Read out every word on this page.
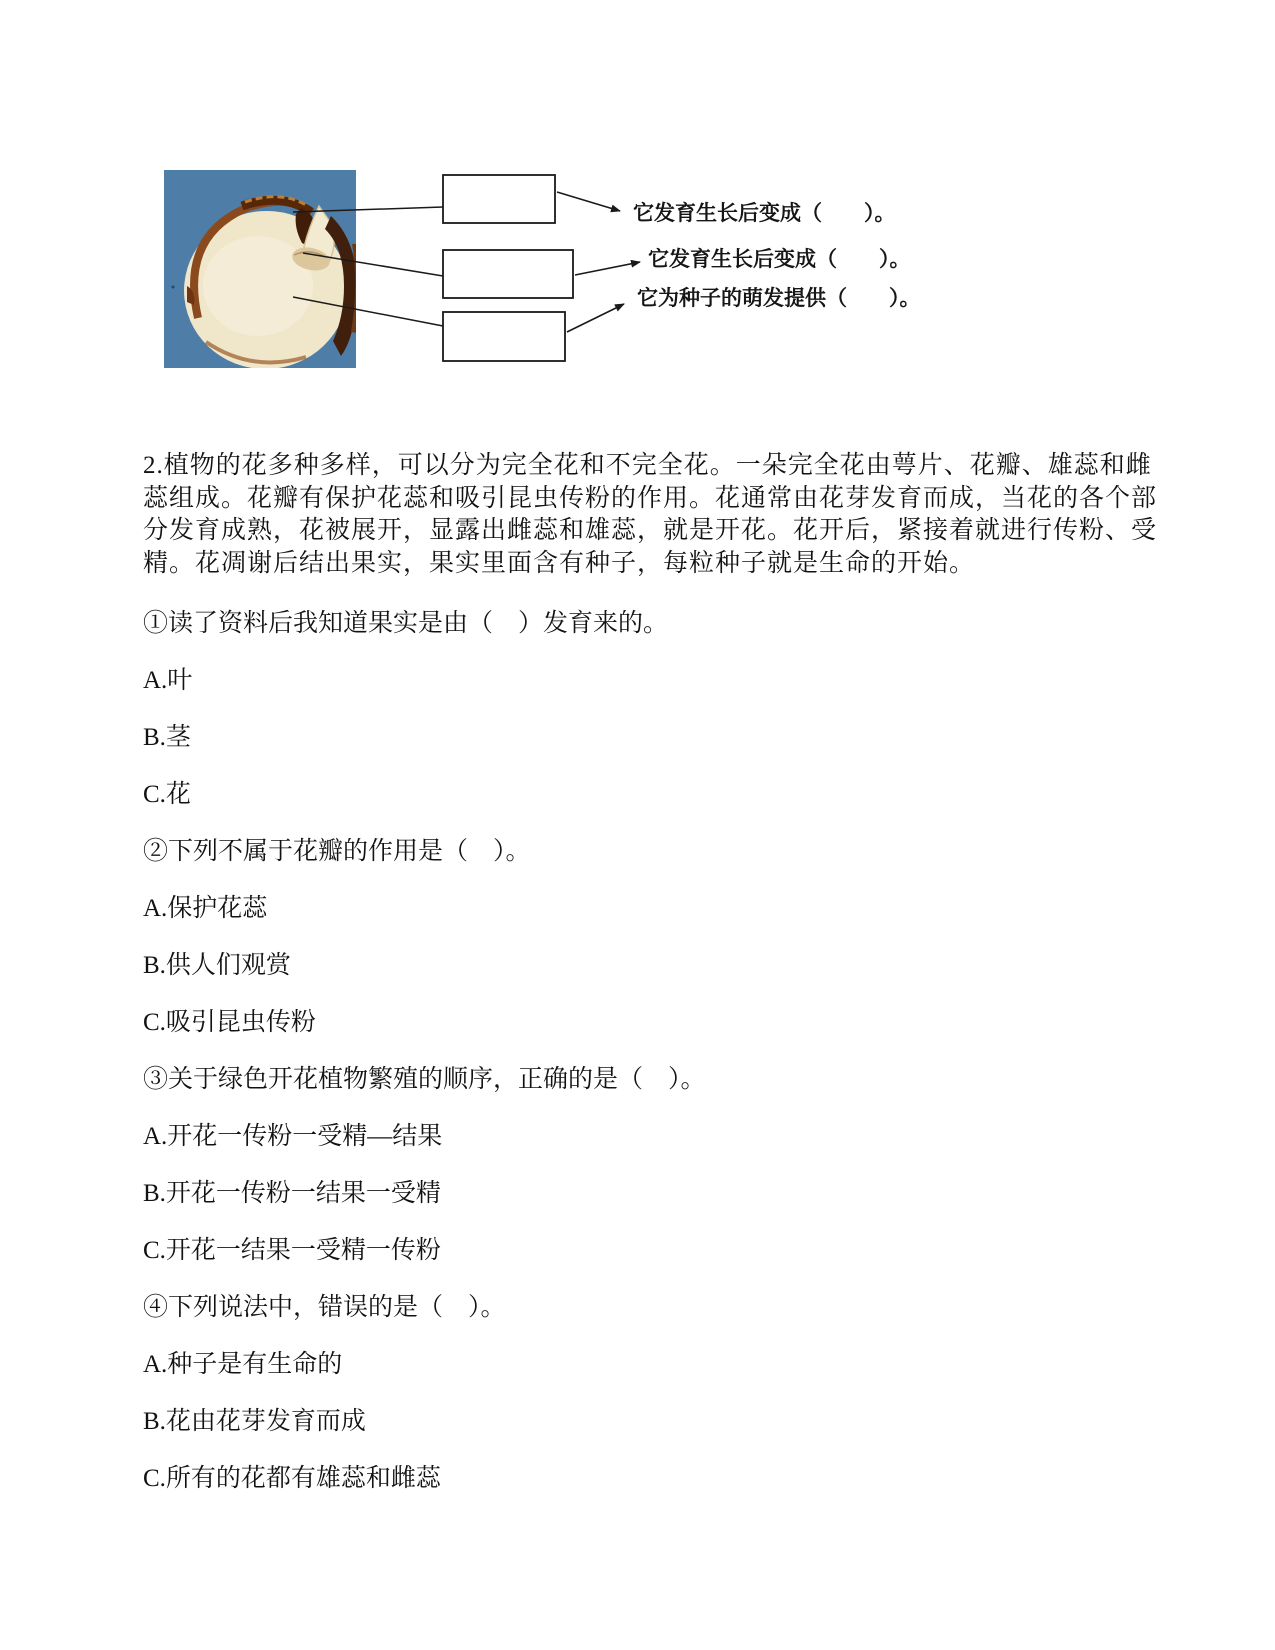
它发育生长后变成（　　）。
它发育生长后变成（　　）。
它为种子的萌发提供（　　）。
2.植物的花多种多样，可以分为完全花和不完全花。一朵完全花由萼片、花瓣、雄蕊和雌
蕊组成。花瓣有保护花蕊和吸引昆虫传粉的作用。花通常由花芽发育而成，当花的各个部
分发育成熟，花被展开，显露出雌蕊和雄蕊，就是开花。花开后，紧接着就进行传粉、受
精。花凋谢后结出果实，果实里面含有种子，每粒种子就是生命的开始。
①读了资料后我知道果实是由（　）发育来的。
A.叶
B.茎
C.花
②下列不属于花瓣的作用是（　）。
A.保护花蕊
B.供人们观赏
C.吸引昆虫传粉
③关于绿色开花植物繁殖的顺序，正确的是（　）。
A.开花一传粉一受精—结果
B.开花一传粉一结果一受精
C.开花一结果一受精一传粉
④下列说法中，错误的是（　）。
A.种子是有生命的
B.花由花芽发育而成
C.所有的花都有雄蕊和雌蕊
